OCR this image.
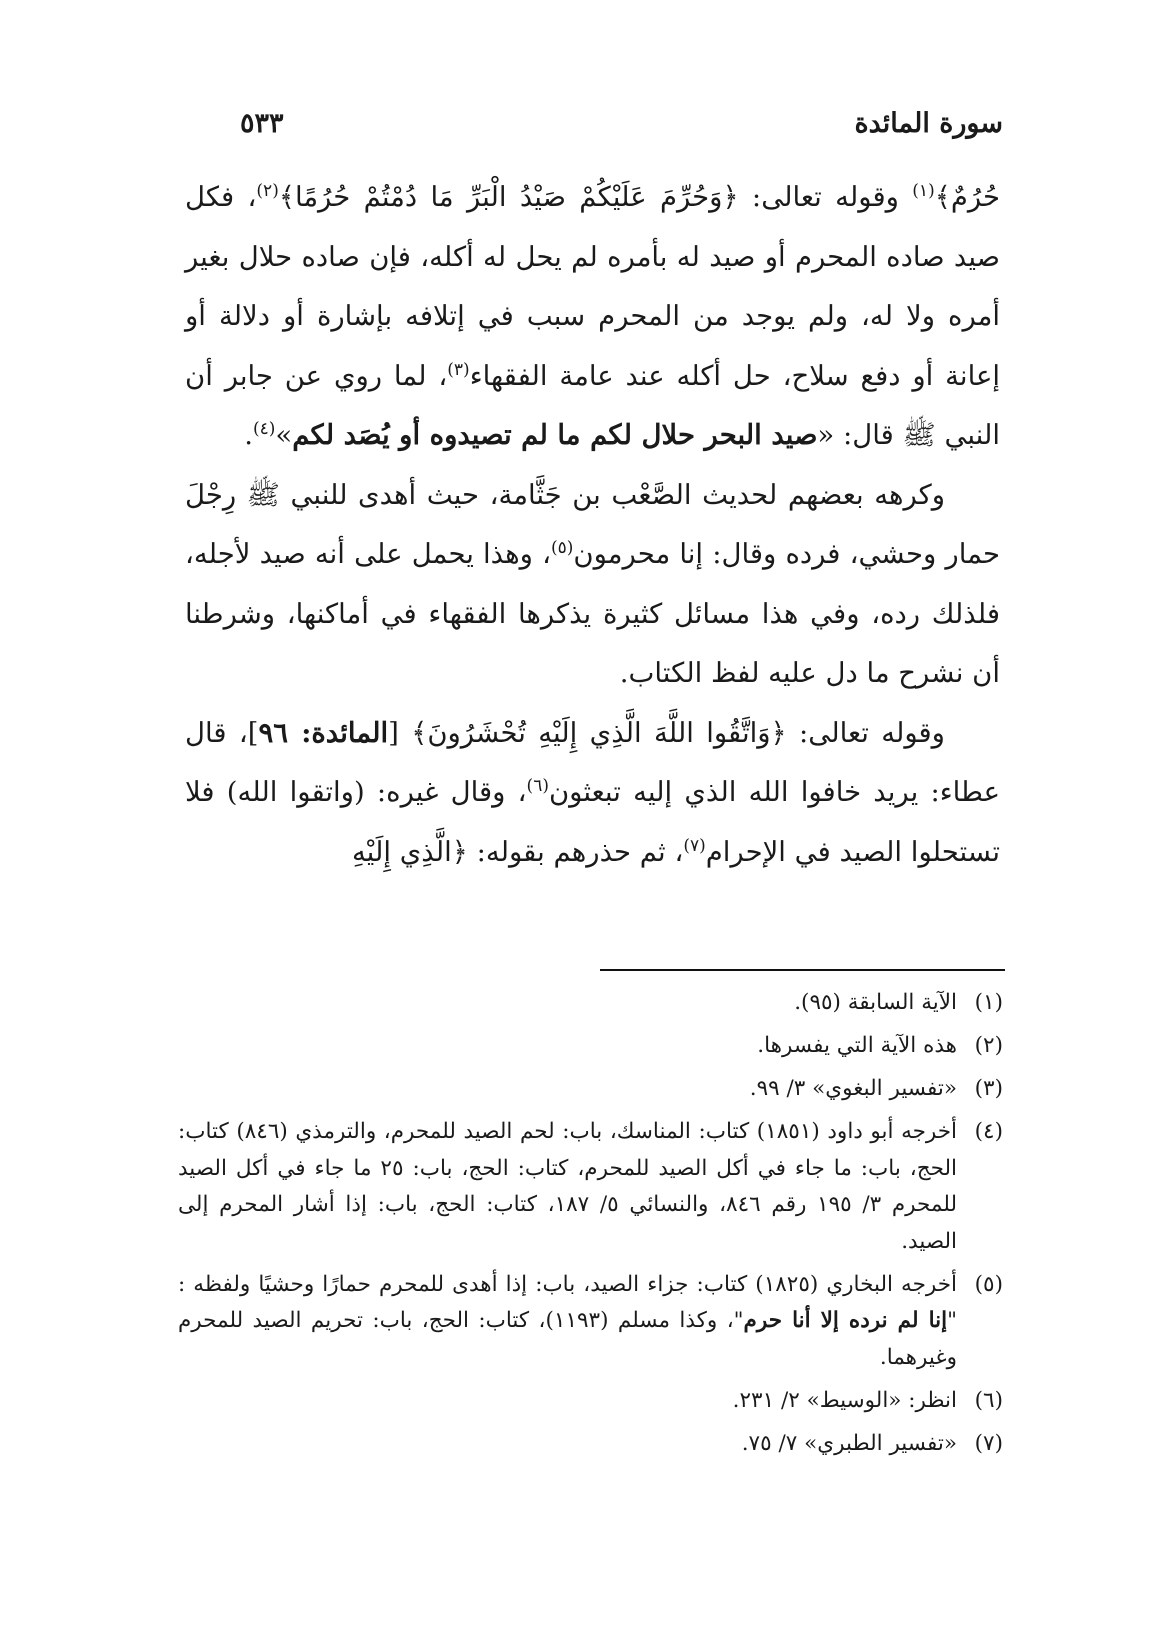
سورة المائدة
٥٣٣

حُرُمٌ﴾$^{(١)}$ وقوله تعالى: ﴿وَحُرِّمَ عَلَيْكُمْ صَيْدُ الْبَرِّ مَا دُمْتُمْ حُرُمًا﴾$^{(٢)}$، فكل صيد صاده المحرم أو صيد له بأمره لم يحل له أكله، فإن صاده حلال بغير أمره ولا له، ولم يوجد من المحرم سبب في إتلافه بإشارة أو دلالة أو إعانة أو دفع سلاح، حل أكله عند عامة الفقهاء$^{(٣)}$، لما روي عن جابر أن النبي ﷺ قال: «صيد البحر حلال لكم ما لم تصيدوه أو يُصَد لكم»$^{(٤)}$.

وكرهه بعضهم لحديث الصَّعْب بن جَثَّامة، حيث أهدى للنبي ﷺ رِجْلَ حمار وحشي، فرده وقال: إنا محرمون$^{(٥)}$، وهذا يحمل على أنه صيد لأجله، فلذلك رده، وفي هذا مسائل كثيرة يذكرها الفقهاء في أماكنها، وشرطنا أن نشرح ما دل عليه لفظ الكتاب.

وقوله تعالى: ﴿وَاتَّقُوا اللَّهَ الَّذِي إِلَيْهِ تُحْشَرُونَ﴾ [المائدة: ٩٦]، قال عطاء: يريد خافوا الله الذي إليه تبعثون$^{(٦)}$، وقال غيره: (واتقوا الله) فلا تستحلوا الصيد في الإحرام$^{(٧)}$، ثم حذرهم بقوله: ﴿الَّذِي إِلَيْهِ

(١)
الآية السابقة (٩٥).
(٢)
هذه الآية التي يفسرها.
(٣)
«تفسير البغوي» ٣/ ٩٩.
(٤)
أخرجه أبو داود (١٨٥١) كتاب: المناسك، باب: لحم الصيد للمحرم، والترمذي (٨٤٦) كتاب: الحج، باب: ما جاء في أكل الصيد للمحرم، كتاب: الحج، باب: ٢٥ ما جاء في أكل الصيد للمحرم ٣/ ١٩٥ رقم ٨٤٦، والنسائي ٥/ ١٨٧، كتاب: الحج، باب: إذا أشار المحرم إلى الصيد.
(٥)
أخرجه البخاري (١٨٢٥) كتاب: جزاء الصيد، باب: إذا أهدى للمحرم حمارًا وحشيًا ولفظه : "إنا لم نرده إلا أنا حرم"، وكذا مسلم (١١٩٣)، كتاب: الحج، باب: تحريم الصيد للمحرم وغيرهما.
(٦)
انظر: «الوسيط» ٢/ ٢٣١.
(٧)
«تفسير الطبري» ٧/ ٧٥.
